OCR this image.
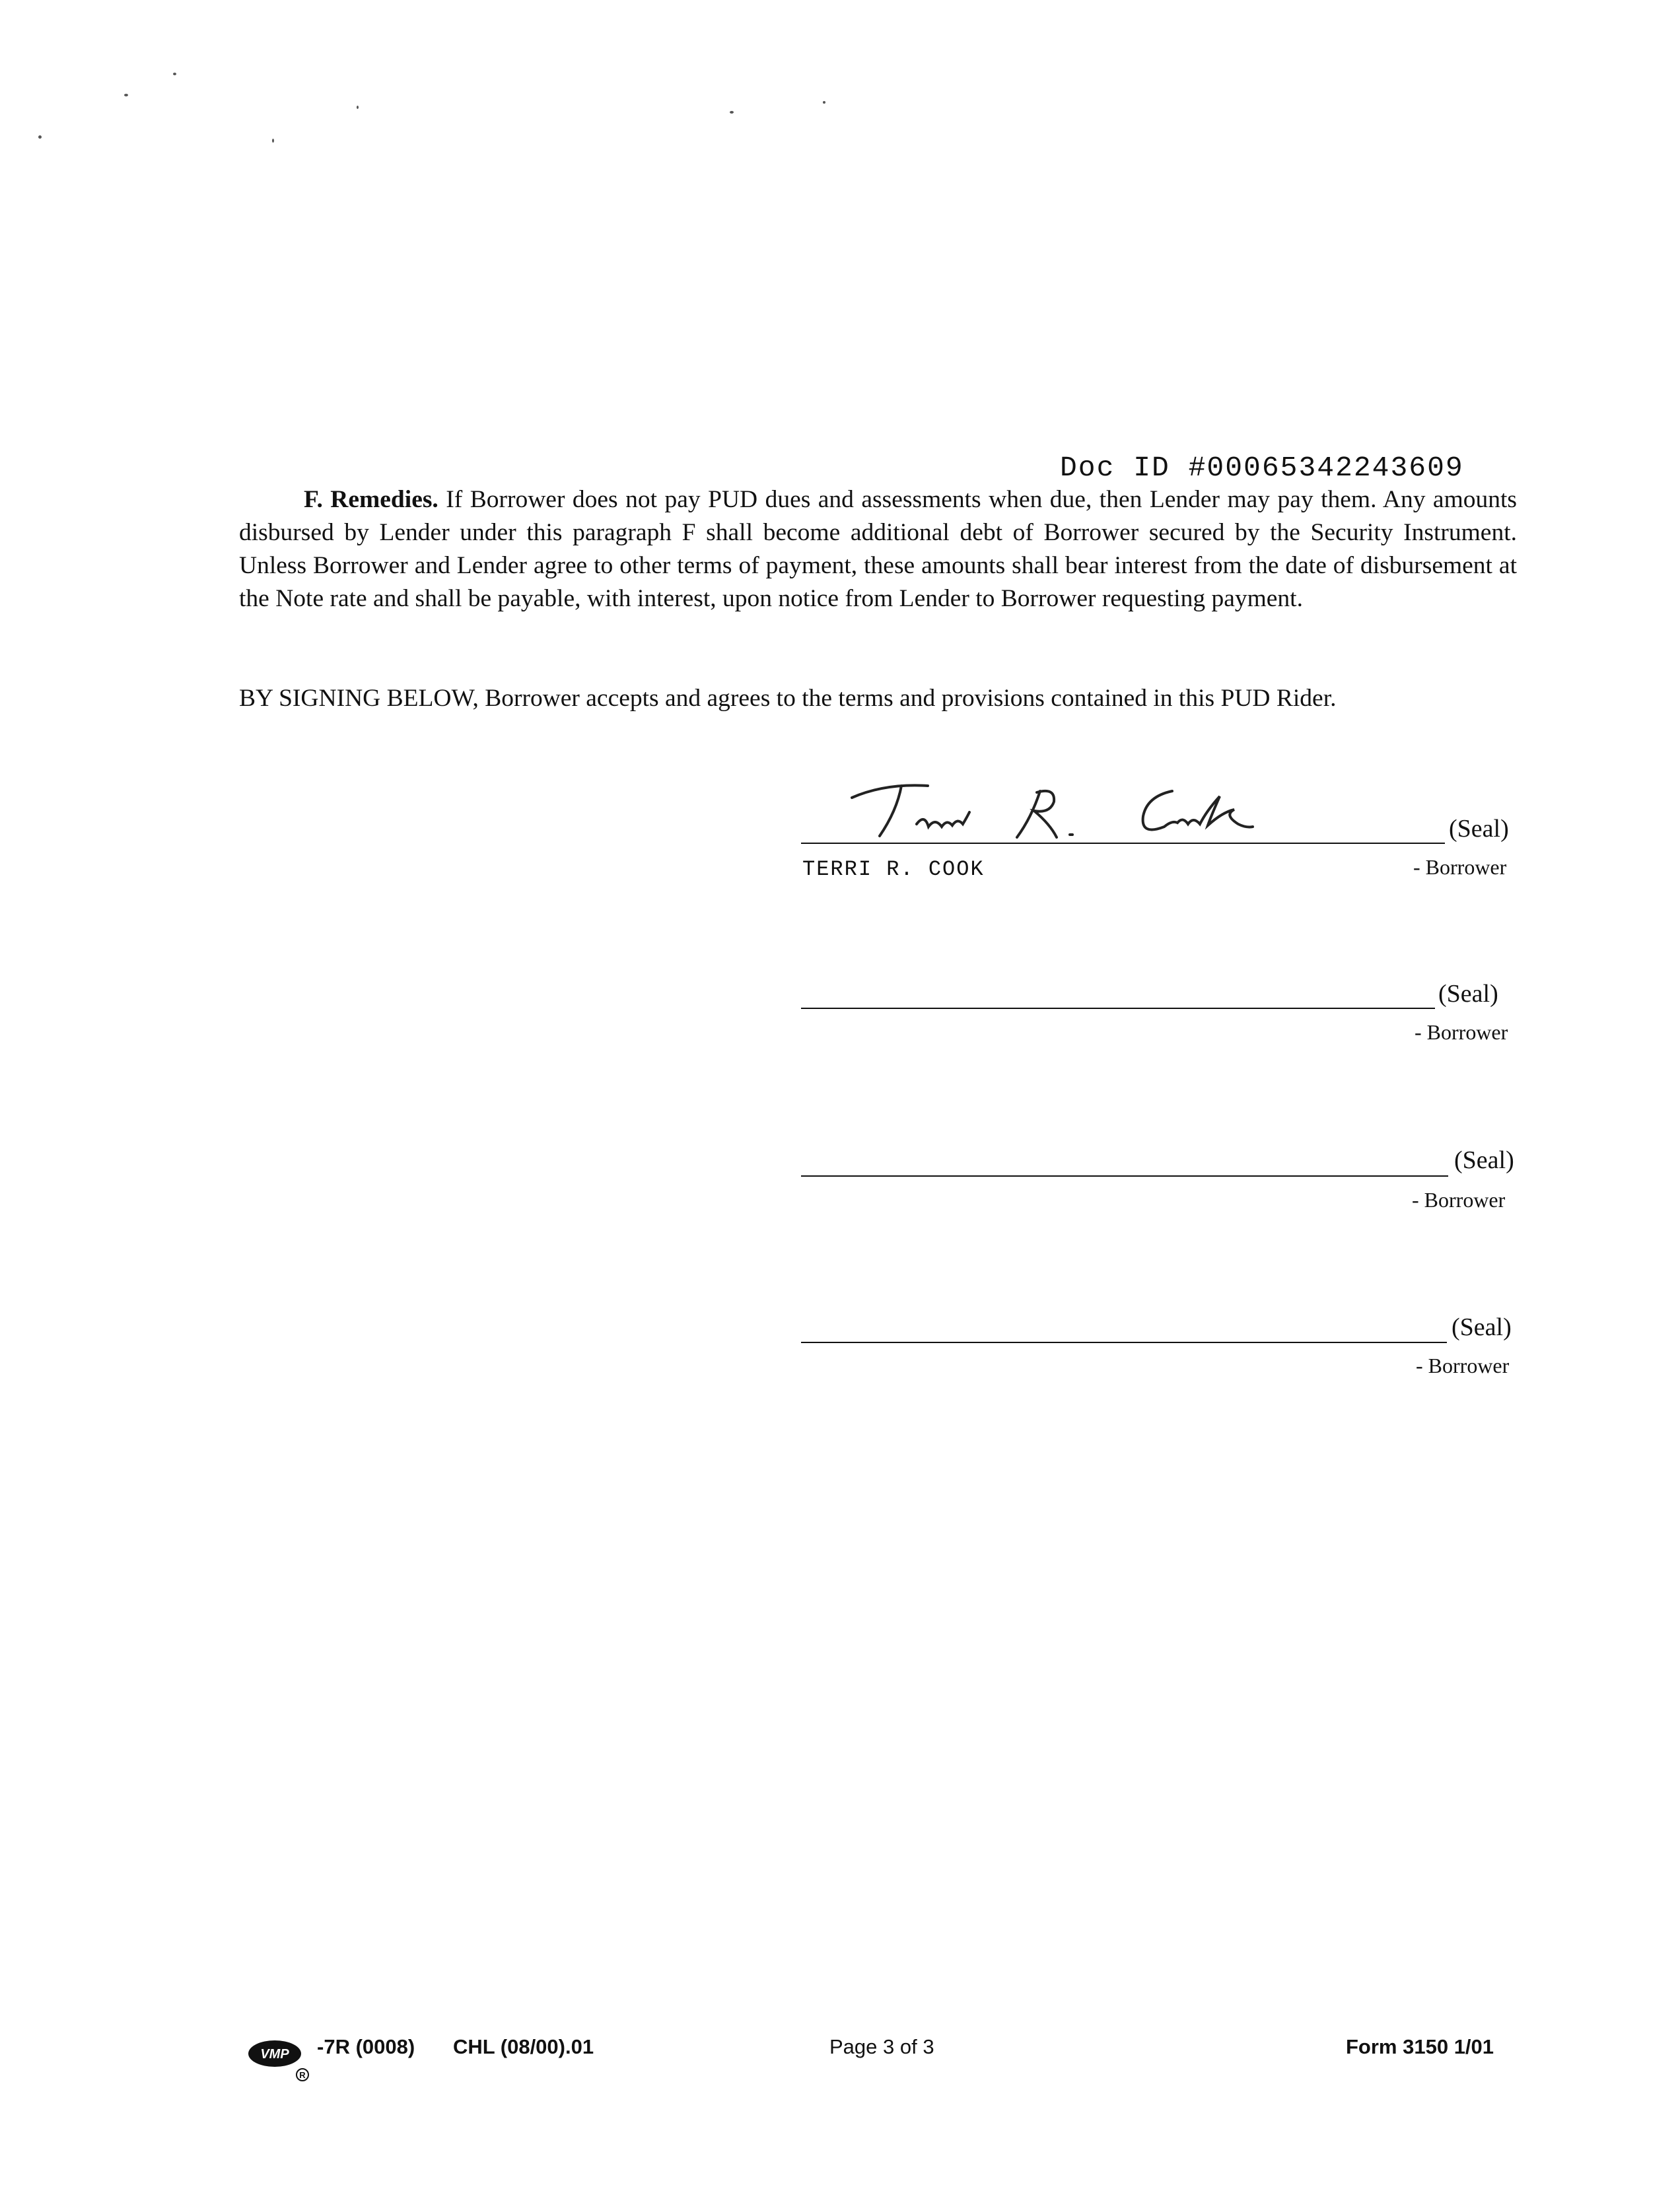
Doc ID #00065342243609
F. Remedies. If Borrower does not pay PUD dues and assessments when due, then Lender may pay them. Any amounts disbursed by Lender under this paragraph F shall become additional debt of Borrower secured by the Security Instrument. Unless Borrower and Lender agree to other terms of payment, these amounts shall bear interest from the date of disbursement at the Note rate and shall be payable, with interest, upon notice from Lender to Borrower requesting payment.
BY SIGNING BELOW, Borrower accepts and agrees to the terms and provisions contained in this PUD Rider.
(Seal)
TERRI R. COOK	- Borrower
(Seal)
- Borrower
(Seal)
- Borrower
(Seal)
- Borrower
VMP
R
-7R (0008) CHL (08/00).01	Page 3 of 3	Form 3150 1/01
